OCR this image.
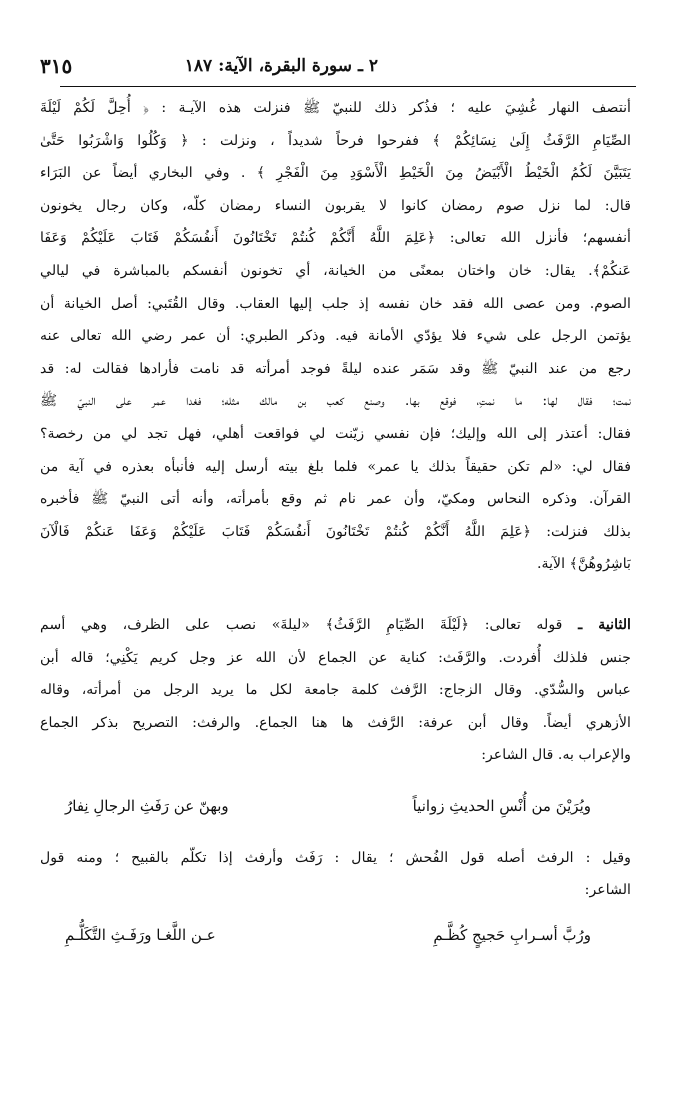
٢ ـ سورة البقرة، الآية: ١٨٧
٣١٥
أنتصف النهار غُشِيَ عليه ؛ فذُكر ذلك للنبيّ ﷺ فنزلت هذه الآيـة : ﴿ أُحِلَّ لَكُمْ لَيْلَةَ
الصِّيَامِ الرَّفَثُ إِلَىٰ نِسَائِكُمْ ﴾ ففرحوا فرحاً شديداً ، ونزلت : ﴿ وَكُلُوا وَاشْرَبُوا حَتَّىٰ
يَتَبَيَّنَ لَكُمُ الْخَيْطُ الْأَبْيَضُ مِنَ الْخَيْطِ الْأَسْوَدِ مِنَ الْفَجْرِ ﴾ . وفي البخاري أيضاً عن البَرَاء
قال: لما نزل صوم رمضان كانوا لا يقربون النساء رمضان كلّه، وكان رجال يخونون
أنفسهم؛ فأنزل الله تعالى: ﴿عَلِمَ اللَّهُ أَنَّكُمْ كُنتُمْ تَخْتَانُونَ أَنفُسَكُمْ فَتَابَ عَلَيْكُمْ وَعَفَا
عَنكُمْ﴾. يقال: خان واختان بمعنًى من الخيانة، أي تخونون أنفسكم بالمباشرة في ليالي
الصوم. ومن عصى الله فقد خان نفسه إذ جلب إليها العقاب. وقال القُتَبي: أصل الخيانة أن
يؤتمن الرجل على شيء فلا يؤدّي الأمانة فيه. وذكر الطبري: أن عمر رضي الله تعالى عنه
رجع من عند النبيّ ﷺ وقد سَمَر عنده ليلةً فوجد أمرأته قد نامت فأرادها فقالت له: قد
نمت؛ فقال لها: ما نمتِ، فوقع بها. وصنع كعب بن مالك مثله؛ فغدا عمر على النبيّ ﷺ
فقال: أعتذر إلى الله وإليك؛ فإن نفسي زيّنت لي فواقعت أهلي، فهل تجد لي من رخصة؟
فقال لي: «لم تكن حقيقاً بذلك يا عمر» فلما بلغ بيته أرسل إليه فأنبأه بعذره في آية من
القرآن. وذكره النحاس ومكيّ، وأن عمر نام ثم وقع بأمرأته، وأنه أتى النبيّ ﷺ فأخبره
بذلك فنزلت: ﴿عَلِمَ اللَّهُ أَنَّكُمْ كُنتُمْ تَخْتَانُونَ أَنفُسَكُمْ فَتَابَ عَلَيْكُمْ وَعَفَا عَنكُمْ فَالْآنَ
بَاشِرُوهُنَّ﴾ الآية.
الثانية ـ قوله تعالى: ﴿لَيْلَةَ الصِّيَامِ الرَّفَثُ﴾ «ليلةَ» نصب على الظرف، وهي أسم
جنس فلذلك أُفردت. والرَّفَث: كناية عن الجماع لأن الله عز وجل كريم يَكْنِي؛ قاله أبن
عباس والسُّدّي. وقال الزجاج: الرَّفث كلمة جامعة لكل ما يريد الرجل من أمرأته، وقاله
الأزهري أيضاً. وقال أبن عرفة: الرَّفث ها هنا الجماع. والرفث: التصريح بذكر الجماع
والإعراب به. قال الشاعر:
ويُرَيْنَ من أُنْسِ الحديثِ زوانياً
وبهنّ عن رَفَثِ الرجالِ نِفارُ
وقيل : الرفث أصله قول الفُحش ؛ يقال : رَفَث وأرفث إذا تكلّم بالقبيح ؛ ومنه قول
الشاعر:
ورُبَّ أسـرابِ حَجيجٍ كُظَّـمِ
عـن اللَّغـا ورَفَـثِ التَّكَلُّـمِ
